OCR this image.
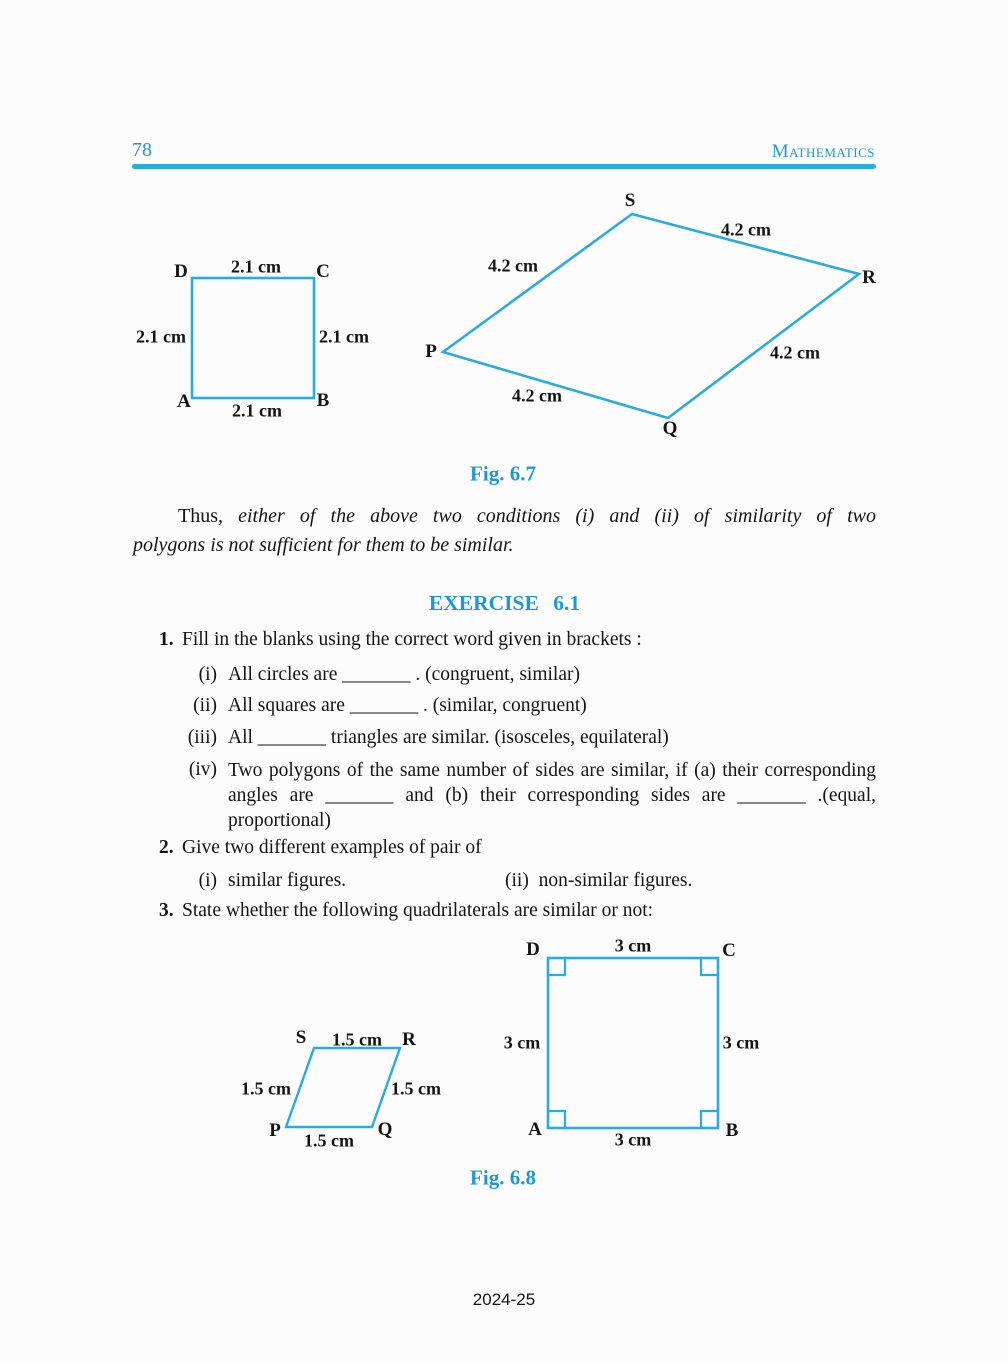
78	Mathematics
D	C
A	B
2.1 cm
2.1 cm	2.1 cm
2.1 cm
S
R
P
Q
4.2 cm
4.2 cm
4.2 cm
4.2 cm
Fig. 6.7
Thus, either of the above two conditions (i) and (ii) of similarity of two
polygons is not sufficient for them to be similar.
EXERCISE 6.1
1. Fill in the blanks using the correct word given in brackets :
(i) All circles are _______ . (congruent, similar)
(ii) All squares are _______ . (similar, congruent)
(iii) All _______ triangles are similar. (isosceles, equilateral)
(iv) Two polygons of the same number of sides are similar, if (a) their corresponding
angles are _______ and (b) their corresponding sides are _______ .(equal,
proportional)
2. Give two different examples of pair of
(i) similar figures.	(ii) non-similar figures.
3. State whether the following quadrilaterals are similar or not:
S	R
P	Q
1.5 cm
1.5 cm	1.5 cm
1.5 cm
D	C
A	B
3 cm
3 cm	3 cm
3 cm
Fig. 6.8
2024-25
